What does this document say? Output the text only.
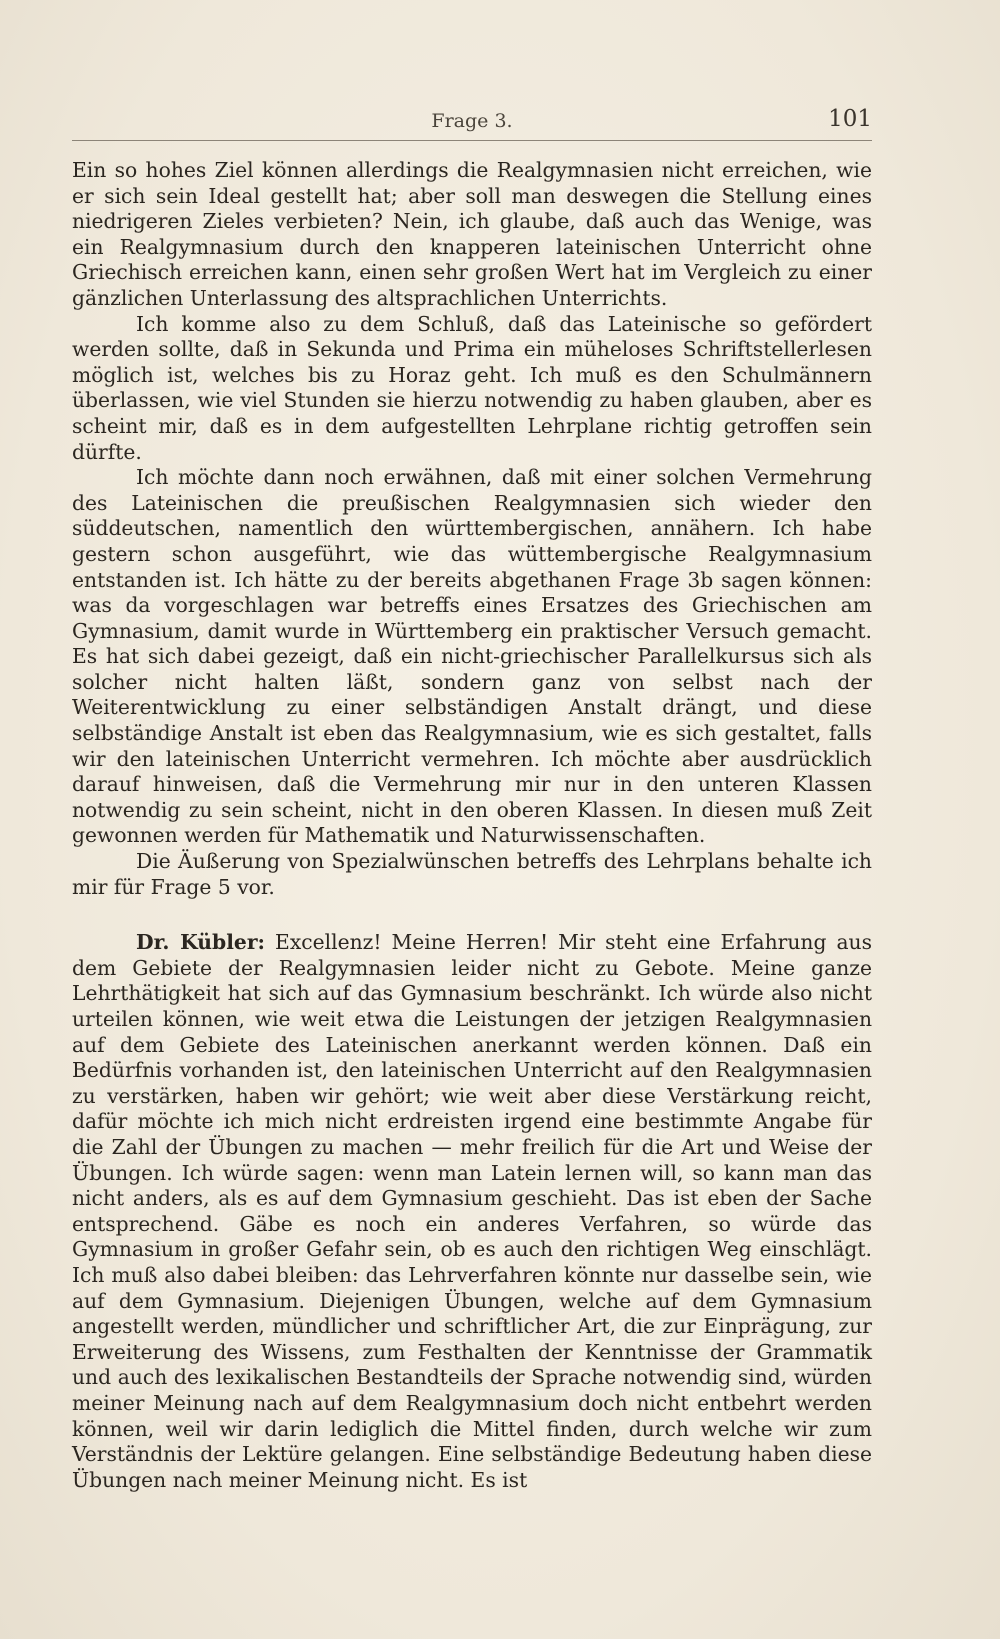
Frage 3.	101

Ein so hohes Ziel können allerdings die Realgymnasien nicht erreichen, wie er sich sein Ideal gestellt hat; aber soll man deswegen die Stellung eines niedrigeren Zieles verbieten? Nein, ich glaube, daß auch das Wenige, was ein Realgymnasium durch den knapperen lateinischen Unterricht ohne Griechisch erreichen kann, einen sehr großen Wert hat im Vergleich zu einer gänzlichen Unterlassung des altsprachlichen Unterrichts.

Ich komme also zu dem Schluß, daß das Lateinische so gefördert werden sollte, daß in Sekunda und Prima ein müheloses Schriftstellerlesen möglich ist, welches bis zu Horaz geht. Ich muß es den Schulmännern überlassen, wie viel Stunden sie hierzu notwendig zu haben glauben, aber es scheint mir, daß es in dem aufgestellten Lehrplane richtig getroffen sein dürfte.

Ich möchte dann noch erwähnen, daß mit einer solchen Vermehrung des Lateinischen die preußischen Realgymnasien sich wieder den süddeutschen, namentlich den württembergischen, annähern. Ich habe gestern schon ausgeführt, wie das wüttembergische Realgymnasium entstanden ist. Ich hätte zu der bereits abgethanen Frage 3b sagen können: was da vorgeschlagen war betreffs eines Ersatzes des Griechischen am Gymnasium, damit wurde in Württemberg ein praktischer Versuch gemacht. Es hat sich dabei gezeigt, daß ein nicht-griechischer Parallelkursus sich als solcher nicht halten läßt, sondern ganz von selbst nach der Weiterentwicklung zu einer selbständigen Anstalt drängt, und diese selbständige Anstalt ist eben das Realgymnasium, wie es sich gestaltet, falls wir den lateinischen Unterricht vermehren. Ich möchte aber ausdrücklich darauf hinweisen, daß die Vermehrung mir nur in den unteren Klassen notwendig zu sein scheint, nicht in den oberen Klassen. In diesen muß Zeit gewonnen werden für Mathematik und Naturwissenschaften.

Die Äußerung von Spezialwünschen betreffs des Lehrplans behalte ich mir für Frage 5 vor.

Dr. Kübler: Excellenz! Meine Herren! Mir steht eine Erfahrung aus dem Gebiete der Realgymnasien leider nicht zu Gebote. Meine ganze Lehrthätigkeit hat sich auf das Gymnasium beschränkt. Ich würde also nicht urteilen können, wie weit etwa die Leistungen der jetzigen Realgymnasien auf dem Gebiete des Lateinischen anerkannt werden können. Daß ein Bedürfnis vorhanden ist, den lateinischen Unterricht auf den Realgymnasien zu verstärken, haben wir gehört; wie weit aber diese Verstärkung reicht, dafür möchte ich mich nicht erdreisten irgend eine bestimmte Angabe für die Zahl der Übungen zu machen — mehr freilich für die Art und Weise der Übungen. Ich würde sagen: wenn man Latein lernen will, so kann man das nicht anders, als es auf dem Gymnasium geschieht. Das ist eben der Sache entsprechend. Gäbe es noch ein anderes Verfahren, so würde das Gymnasium in großer Gefahr sein, ob es auch den richtigen Weg einschlägt. Ich muß also dabei bleiben: das Lehrverfahren könnte nur dasselbe sein, wie auf dem Gymnasium. Diejenigen Übungen, welche auf dem Gymnasium angestellt werden, mündlicher und schriftlicher Art, die zur Einprägung, zur Erweiterung des Wissens, zum Festhalten der Kenntnisse der Grammatik und auch des lexikalischen Bestandteils der Sprache notwendig sind, würden meiner Meinung nach auf dem Realgymnasium doch nicht entbehrt werden können, weil wir darin lediglich die Mittel finden, durch welche wir zum Verständnis der Lektüre gelangen. Eine selbständige Bedeutung haben diese Übungen nach meiner Meinung nicht. Es ist
